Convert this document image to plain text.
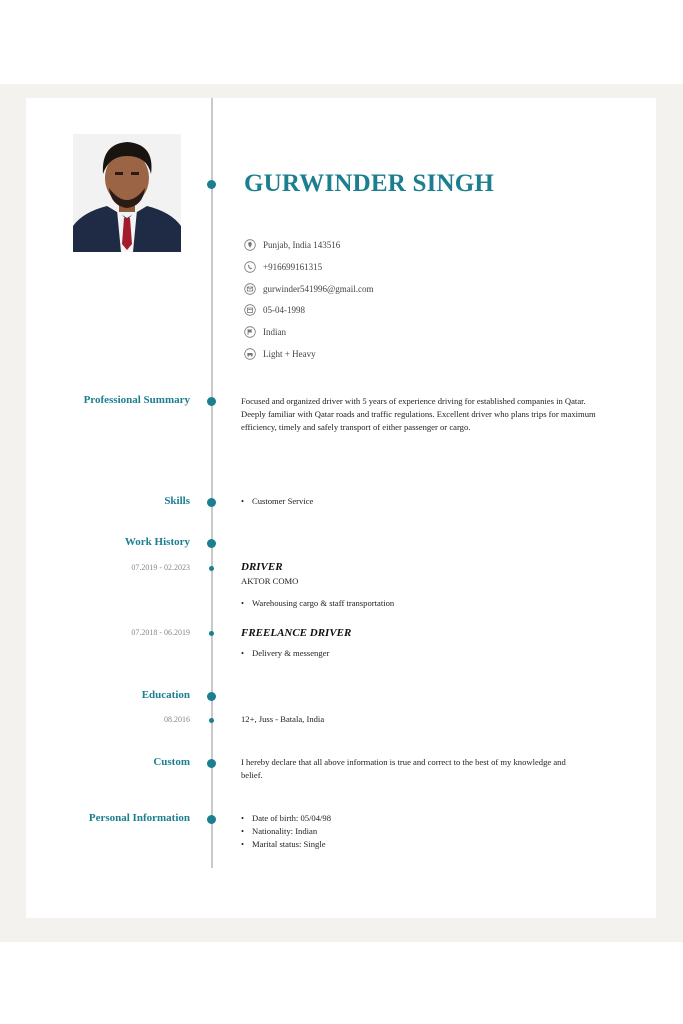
GURWINDER SINGH
Punjab, India 143516
+916699161315
gurwinder541996@gmail.com
05-04-1998
Indian
Light + Heavy
Professional Summary	Focused and organized driver with 5 years of experience driving for established companies in Qatar.

Deeply familiar with Qatar roads and traffic regulations. Excellent driver who plans trips for maximum

efficiency, timely and safely transport of either passenger or cargo.

Skills	• Customer Service
Work History
07.2019 - 02.2023	DRIVER
AKTOR COMO
• Warehousing cargo & staff transportation
07.2018 - 06.2019	FREELANCE DRIVER
• Delivery & messenger
Education
08.2016	12+, Juss - Batala, India
Custom	I hereby declare that all above information is true and correct to the best of my knowledge and belief.
Personal Information	• Date of birth: 05/04/98
• Nationality: Indian
• Marital status: Single
